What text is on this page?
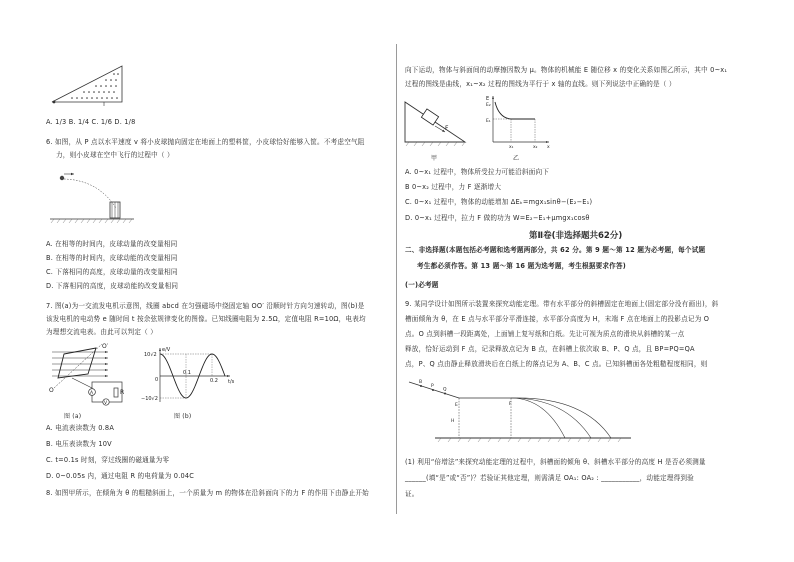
A. 1/3 B. 1/4 C. 1/6 D. 1/8
6. 如图，从 P 点以水平速度 v 将小皮球抛向固定在地面上的塑料筐，小皮球恰好能够入筐。不考虑空气阻
力，则小皮球在空中飞行的过程中（ ）
A. 在相等的时间内，皮球动量的改变量相同
B. 在相等的时间内，皮球动能的改变量相同
C. 下落相同的高度，皮球动量的改变量相同
D. 下落相同的高度，皮球动能的改变量相同
7. 图(a)为一交流发电机示意图，线圈 abcd 在匀强磁场中绕固定轴 OO′ 沿顺时针方向匀速转动，图(b)是
该发电机的电动势 e 随时间 t 按余弦规律变化的图像。已知线圈电阻为 2.5Ω，定值电阻 R=10Ω，电表均
为理想交流电表。由此可以判定（ ）
O
O′
A	R
V
图 (a)
e/V
t/s
10√2
−10√2
0.1
0.2
0
图 (b)
A. 电流表读数为 0.8A
B. 电压表读数为 10V
C. t=0.1s 时刻，穿过线圈的磁通量为零
D. 0~0.05s 内，通过电阻 R 的电荷量为 0.04C
8. 如图甲所示，在倾角为 θ 的粗糙斜面上，一个质量为 m 的物体在沿斜面向下的力 F 的作用下由静止开始
向下运动，物体与斜面间的动摩擦因数为 μ。物体的机械能 E 随位移 x 的变化关系如图乙所示，其中 0~x₁
过程的图线是曲线，x₁~x₂ 过程的图线为平行于 x 轴的直线。则下列说法中正确的是（ ）
F
甲
E
E₂
E₁
x₁	x₂ x
乙
A. 0~x₁ 过程中，物体所受拉力可能沿斜面向下
B 0~x₂ 过程中，力 F 逐渐增大
C. 0~x₁ 过程中，物体的动能增加 ΔEₖ=mgx₁sinθ−(E₂−E₁)
D. 0~x₁ 过程中，拉力 F 做的功为 W=E₂−E₁+μmgx₁cosθ
第Ⅱ卷(非选择题共62分)
二、非选择题(本题包括必考题和选考题两部分，共 62 分。第 9 题～第 12 题为必考题，每个试题
考生都必须作答。第 13 题～第 16 题为选考题，考生根据要求作答)
(一)必考题
9. 某同学设计如图所示装置来探究动能定理。带有水平部分的斜槽固定在地面上(固定部分没有画出)，斜
槽面倾角为 θ，在 E 点与水平部分平滑连接，水平部分高度为 H，末端 F 点在地面上的投影点记为 O
点。O 点到斜槽一段距离处，上面铺上复写纸和白纸。先让可视为质点的滑块从斜槽的某一点
释放，恰好运动到 F 点，记录释放点记为 B 点，在斜槽上依次取 B、P、Q 点，且 BP=PQ=QA
点，P、Q 点由静止释放滑块后在白纸上的落点记为 A、B、C 点。已知斜槽面各处粗糙程度相同，则
B
P
Q
E	F
H
(1) 利用“倍增法”来探究动能定理的过程中，斜槽面的倾角 θ、斜槽水平部分的高度 H 是否必须测量
______(填“是”或“否”)？若验证其他定理，则需满足 OA₁: OA₂ : ___________，动能定理得到验
证。
